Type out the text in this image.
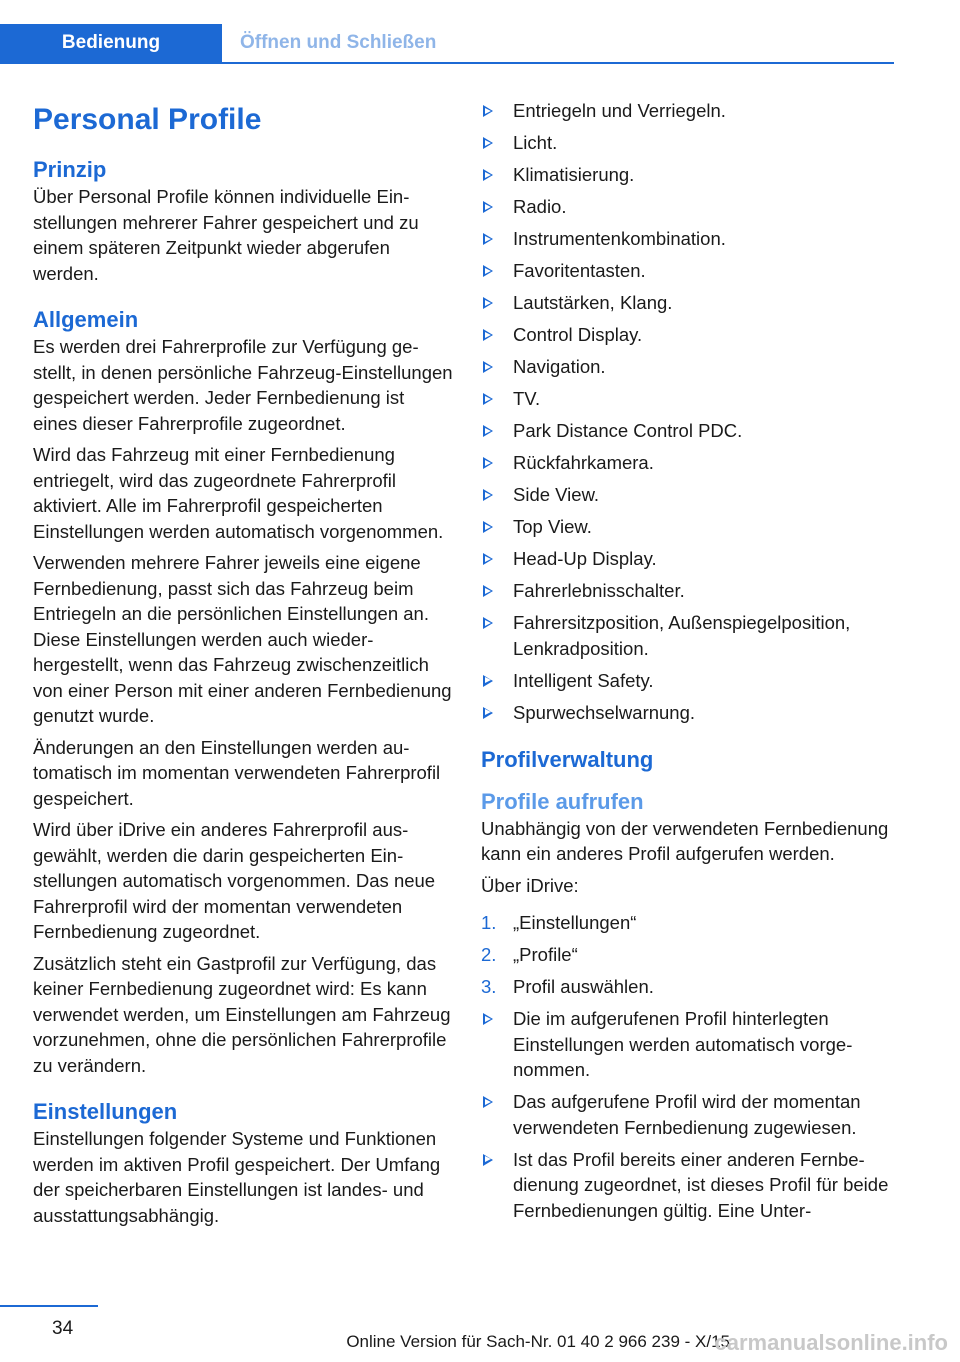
Bedienung	Öffnen und Schließen
Personal Profile
Prinzip

Über Personal Profile können individuelle Einstellungen mehrerer Fahrer gespeichert und zu einem späteren Zeitpunkt wieder abgerufen werden.

Allgemein

Es werden drei Fahrerprofile zur Verfügung gestellt, in denen persönliche Fahrzeug-Einstellungen gespeichert werden. Jeder Fernbedienung ist eines dieser Fahrerprofile zugeordnet.

Wird das Fahrzeug mit einer Fernbedienung entriegelt, wird das zugeordnete Fahrerprofil aktiviert. Alle im Fahrerprofil gespeicherten Einstellungen werden automatisch vorgenommen.

Verwenden mehrere Fahrer jeweils eine eigene Fernbedienung, passt sich das Fahrzeug beim Entriegeln an die persönlichen Einstellungen an. Diese Einstellungen werden auch wiederhergestellt, wenn das Fahrzeug zwischenzeitlich von einer Person mit einer anderen Fernbedienung genutzt wurde.

Änderungen an den Einstellungen werden automatisch im momentan verwendeten Fahrerprofil gespeichert.

Wird über iDrive ein anderes Fahrerprofil ausgewählt, werden die darin gespeicherten Einstellungen automatisch vorgenommen. Das neue Fahrerprofil wird der momentan verwendeten Fernbedienung zugeordnet.

Zusätzlich steht ein Gastprofil zur Verfügung, das keiner Fernbedienung zugeordnet wird: Es kann verwendet werden, um Einstellungen am Fahrzeug vorzunehmen, ohne die persönlichen Fahrerprofile zu verändern.

Einstellungen

Einstellungen folgender Systeme und Funktionen werden im aktiven Profil gespeichert. Der Umfang der speicherbaren Einstellungen ist landes- und ausstattungsabhängig.

Entriegeln und Verriegeln.
Licht.
Klimatisierung.
Radio.
Instrumentenkombination.
Favoritentasten.
Lautstärken, Klang.
Control Display.
Navigation.
TV.
Park Distance Control PDC.
Rückfahrkamera.
Side View.
Top View.
Head-Up Display.
Fahrerlebnisschalter.
Fahrersitzposition, Außenspiegelposition, Lenkradposition.
Intelligent Safety.
Spurwechselwarnung.
Profilverwaltung
Profile aufrufen

Unabhängig von der verwendeten Fernbedienung kann ein anderes Profil aufgerufen werden.

Über iDrive:

1. „Einstellungen“
2. „Profile“
3. Profil auswählen.
Die im aufgerufenen Profil hinterlegten Einstellungen werden automatisch vorgenommen.
Das aufgerufene Profil wird der momentan verwendeten Fernbedienung zugewiesen.
Ist das Profil bereits einer anderen Fernbedienung zugeordnet, ist dieses Profil für beide Fernbedienungen gültig. Eine Unter-
34
Online Version für Sach-Nr. 01 40 2 966 239 - X/15
carmanualsonline.info
